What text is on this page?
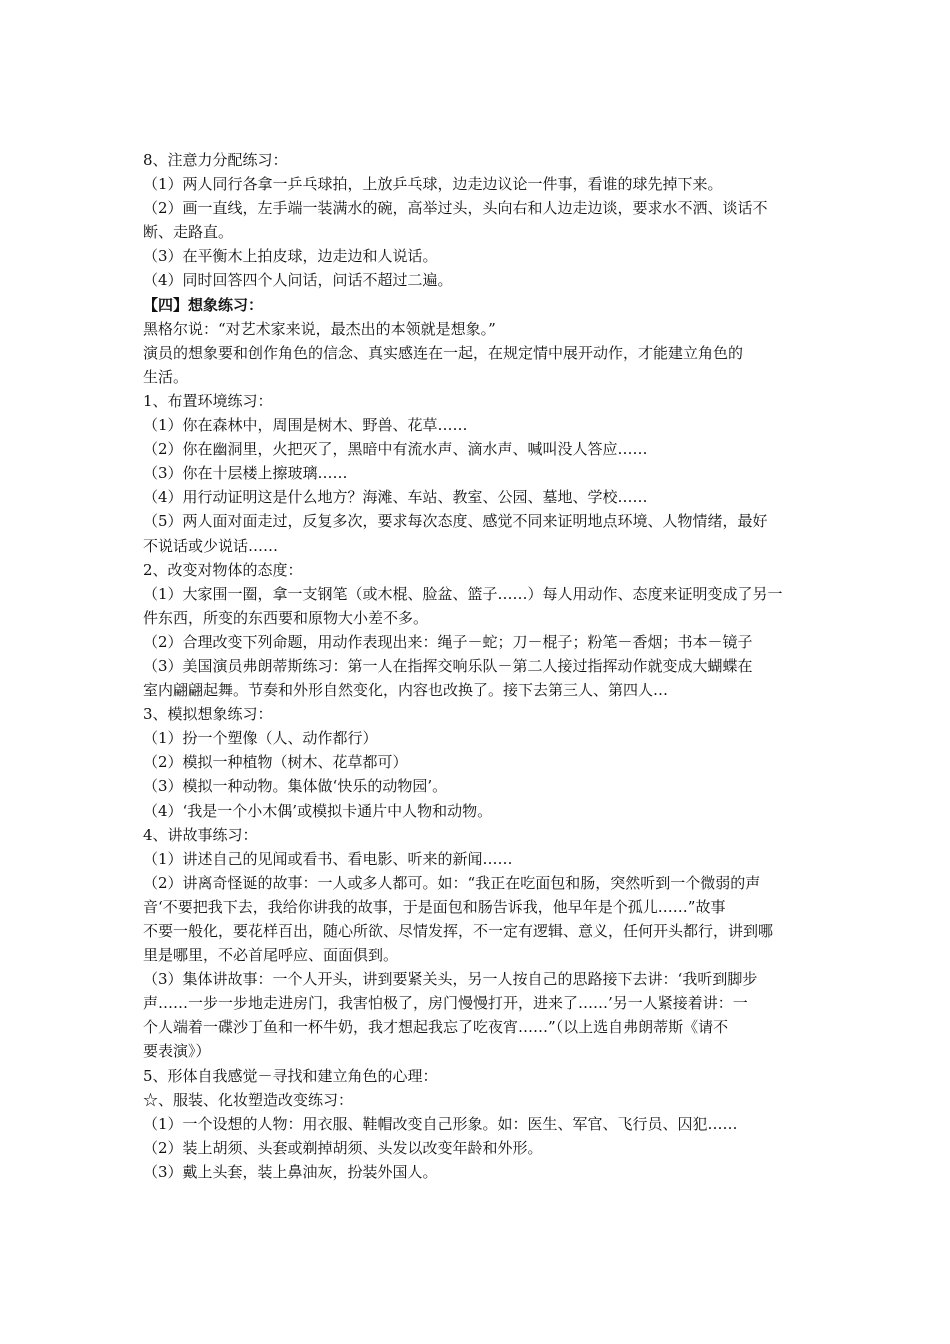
8、注意力分配练习：
（1）两人同行各拿一乒乓球拍，上放乒乓球，边走边议论一件事，看谁的球先掉下来。
（2）画一直线，左手端一装满水的碗，高举过头，头向右和人边走边谈，要求水不洒、谈话不
断、走路直。
（3）在平衡木上拍皮球，边走边和人说话。
（4）同时回答四个人问话，问话不超过二遍。
【四】想象练习：
黑格尔说：“对艺术家来说，最杰出的本领就是想象。”
演员的想象要和创作角色的信念、真实感连在一起，在规定情中展开动作，才能建立角色的
生活。
1、布置环境练习：
（1）你在森林中，周围是树木、野兽、花草……
（2）你在幽洞里，火把灭了，黑暗中有流水声、滴水声、喊叫没人答应……
（3）你在十层楼上擦玻璃……
（4）用行动证明这是什么地方？海滩、车站、教室、公园、墓地、学校……
（5）两人面对面走过，反复多次，要求每次态度、感觉不同来证明地点环境、人物情绪，最好
不说话或少说话……
2、改变对物体的态度：
（1）大家围一圈，拿一支钢笔（或木棍、脸盆、篮子……）每人用动作、态度来证明变成了另一
件东西，所变的东西要和原物大小差不多。
（2）合理改变下列命题，用动作表现出来：绳子－蛇；刀－棍子；粉笔－香烟；书本－镜子
（3）美国演员弗朗蒂斯练习：第一人在指挥交响乐队－第二人接过指挥动作就变成大蝴蝶在
室内翩翩起舞。节奏和外形自然变化，内容也改换了。接下去第三人、第四人…
3、模拟想象练习：
（1）扮一个塑像（人、动作都行）
（2）模拟一种植物（树木、花草都可）
（3）模拟一种动物。集体做‘快乐的动物园’。
（4）‘我是一个小木偶’或模拟卡通片中人物和动物。
4、讲故事练习：
（1）讲述自己的见闻或看书、看电影、听来的新闻……
（2）讲离奇怪诞的故事：一人或多人都可。如：“我正在吃面包和肠，突然听到一个微弱的声
音‘不要把我下去，我给你讲我的故事，于是面包和肠告诉我，他早年是个孤儿……”故事
不要一般化，要花样百出，随心所欲、尽情发挥，不一定有逻辑、意义，任何开头都行，讲到哪
里是哪里，不必首尾呼应、面面俱到。
（3）集体讲故事：一个人开头，讲到要紧关头，另一人按自己的思路接下去讲：‘我听到脚步
声……一步一步地走进房门，我害怕极了，房门慢慢打开，进来了……’另一人紧接着讲：一
个人端着一碟沙丁鱼和一杯牛奶，我才想起我忘了吃夜宵……”（以上选自弗朗蒂斯《请不
要表演》）
5、形体自我感觉－寻找和建立角色的心理：
☆、服装、化妆塑造改变练习：
（1）一个设想的人物：用衣服、鞋帽改变自己形象。如：医生、军官、飞行员、囚犯……
（2）装上胡须、头套或剃掉胡须、头发以改变年龄和外形。
（3）戴上头套，装上鼻油灰，扮装外国人。
